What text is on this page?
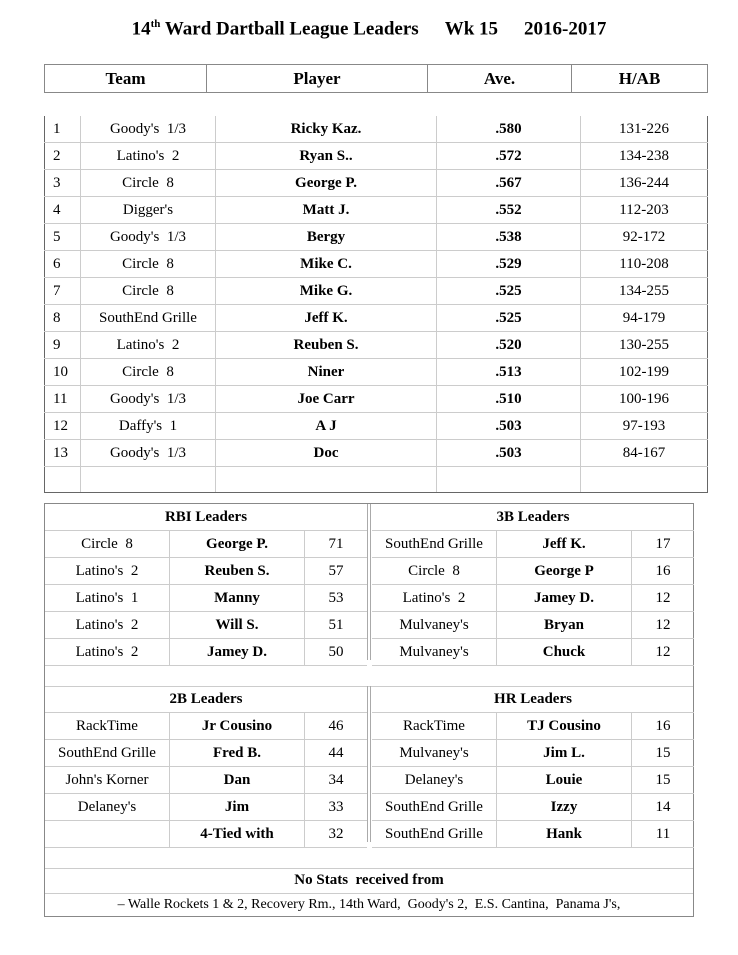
14th Ward Dartball League Leaders Wk 15 2016-2017
Team	Player	Ave.	H/AB
1	Goody's  1/3	Ricky Kaz.	.580	131-226
2	Latino's  2	Ryan S..	.572	134-238
3	Circle  8	George P.	.567	136-244
4	Digger's	Matt J.	.552	112-203
5	Goody's  1/3	Bergy	.538	92-172
6	Circle  8	Mike C.	.529	110-208
7	Circle  8	Mike G.	.525	134-255
8	SouthEnd Grille	Jeff K.	.525	94-179
9	Latino's  2	Reuben S.	.520	130-255
10	Circle  8	Niner	.513	102-199
11	Goody's  1/3	Joe Carr	.510	100-196
12	Daffy's  1	A J	.503	97-193
13	Goody's  1/3	Doc	.503	84-167

RBI Leaders		
Circle  8	George P.	71
Latino's  2	Reuben S.	57
Latino's  1	Manny	53
Latino's  2	Will S.	51
Latino's  2	Jamey D.	50
3B Leaders		
SouthEnd Grille	Jeff K.	17
Circle  8	George P	16
Latino's  2	Jamey D.	12
Mulvaney's	Bryan	12
Mulvaney's	Chuck	12
2B Leaders		
RackTime	Jr Cousino	46
SouthEnd Grille	Fred B.	44
John's Korner	Dan	34
Delaney's	Jim	33
	4-Tied with	32
HR Leaders		
RackTime	TJ Cousino	16
Mulvaney's	Jim L.	15
Delaney's	Louie	15
SouthEnd Grille	Izzy	14
SouthEnd Grille	Hank	11
No Stats  received from
– Walle Rockets 1 & 2, Recovery Rm., 14th Ward,  Goody's 2,  E.S. Cantina,  Panama J's,
